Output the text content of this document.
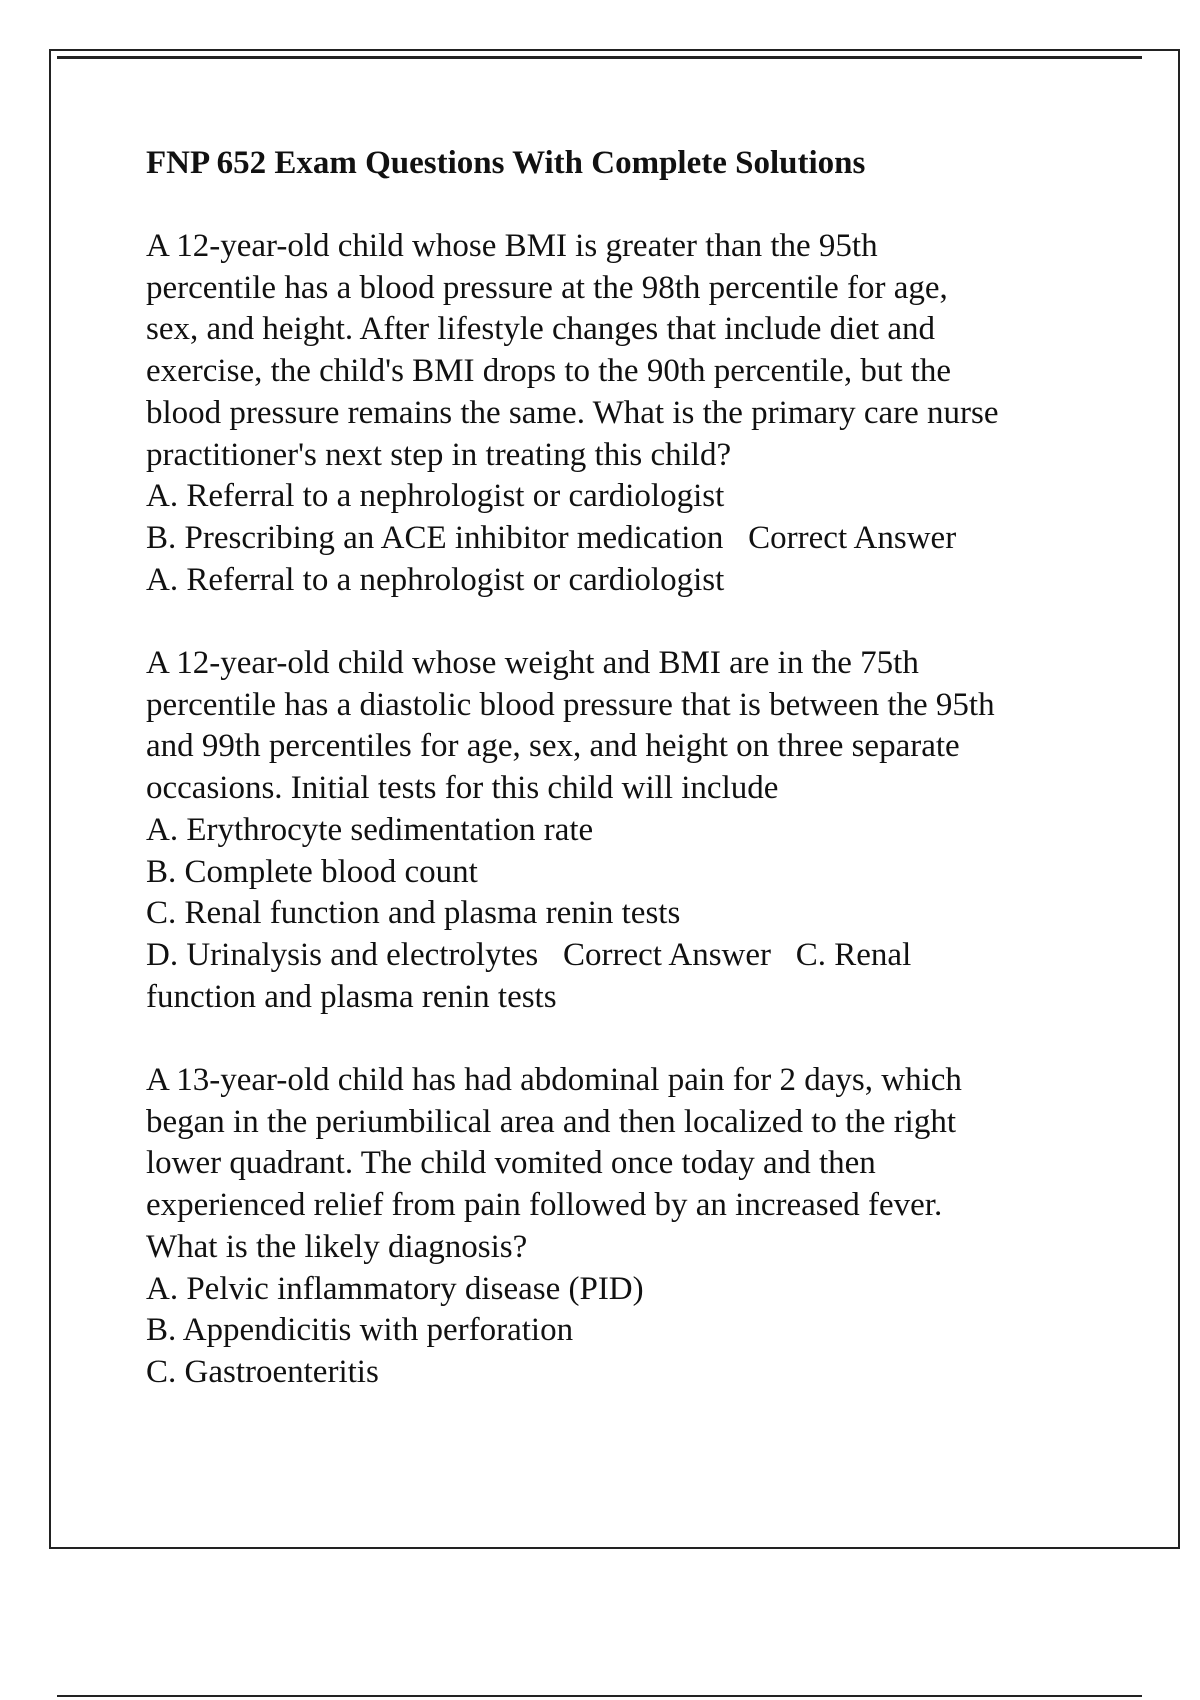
FNP 652 Exam Questions With Complete Solutions
A 12-year-old child whose BMI is greater than the 95th
percentile has a blood pressure at the 98th percentile for age,
sex, and height. After lifestyle changes that include diet and
exercise, the child's BMI drops to the 90th percentile, but the
blood pressure remains the same. What is the primary care nurse
practitioner's next step in treating this child?
A. Referral to a nephrologist or cardiologist
B. Prescribing an ACE inhibitor medication   Correct Answer
A. Referral to a nephrologist or cardiologist
A 12-year-old child whose weight and BMI are in the 75th
percentile has a diastolic blood pressure that is between the 95th
and 99th percentiles for age, sex, and height on three separate
occasions. Initial tests for this child will include
A. Erythrocyte sedimentation rate
B. Complete blood count
C. Renal function and plasma renin tests
D. Urinalysis and electrolytes   Correct Answer   C. Renal
function and plasma renin tests
A 13-year-old child has had abdominal pain for 2 days, which
began in the periumbilical area and then localized to the right
lower quadrant. The child vomited once today and then
experienced relief from pain followed by an increased fever.
What is the likely diagnosis?
A. Pelvic inflammatory disease (PID)
B. Appendicitis with perforation
C. Gastroenteritis
